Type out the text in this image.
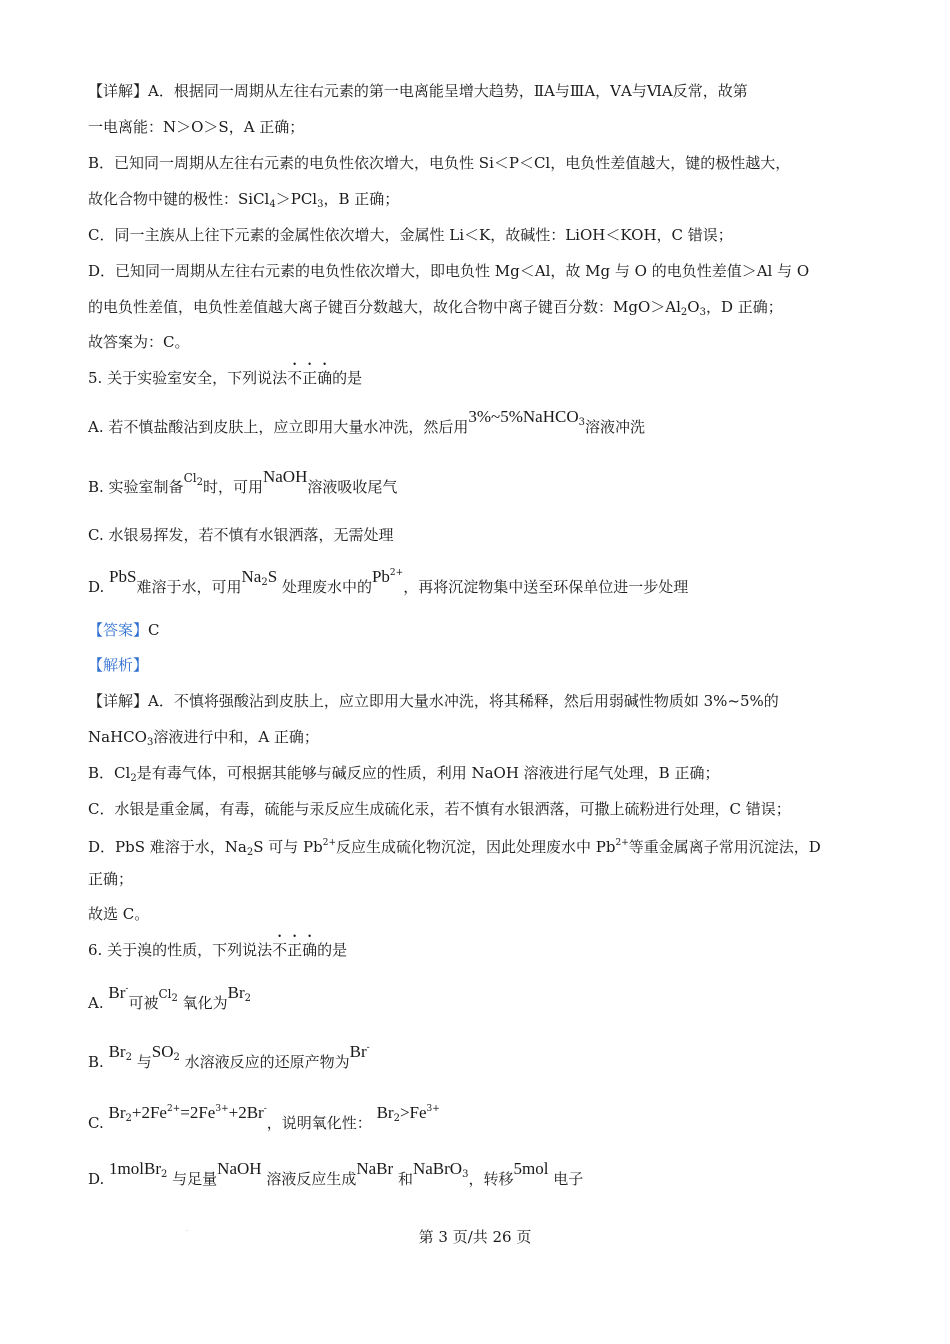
【详解】A．根据同一周期从左往右元素的第一电离能呈增大趋势，ⅡA与ⅢA，ⅤA与ⅥA反常，故第
一电离能：N＞O＞S，A 正确；
B．已知同一周期从左往右元素的电负性依次增大，电负性 Si＜P＜Cl，电负性差值越大，键的极性越大，
故化合物中键的极性：SiCl$_4$＞PCl$_3$，B 正确；
C．同一主族从上往下元素的金属性依次增大，金属性 Li＜K，故碱性：LiOH＜KOH，C 错误；
D．已知同一周期从左往右元素的电负性依次增大，即电负性 Mg＜Al，故 Mg 与 O 的电负性差值＞Al 与 O
的电负性差值，电负性差值越大离子键百分数越大，故化合物中离子键百分数：$MgO>Al_2O_3$，D 正确；
故答案为：C。
5. 关于实验室安全，下列说法不正确的是
A. 若不慎盐酸沾到皮肤上，应立即用大量水冲洗，然后用3%~5%NaHCO$_3$溶液冲洗
B. 实验室制备$^{Cl_2}$时，可用NaOH溶液吸收尾气
C. 水银易挥发，若不慎有水银洒落，无需处理
D. PbS难溶于水，可用$Na_2S$ 处理废水中的$Pb^{2+}$，再将沉淀物集中送至环保单位进一步处理
【答案】C
【解析】
【详解】A．不慎将强酸沾到皮肤上，应立即用大量水冲洗，将其稀释，然后用弱碱性物质如 3%~5%的
NaHCO$_3$溶液进行中和，A 正确；
B．$Cl_2$是有毒气体，可根据其能够与碱反应的性质，利用 NaOH 溶液进行尾气处理，B 正确；
C．水银是重金属，有毒，硫能与汞反应生成硫化汞，若不慎有水银洒落，可撒上硫粉进行处理，C 错误；
D．PbS 难溶于水，$Na_2S$ 可与 $Pb^{2+}$反应生成硫化物沉淀，因此处理废水中 $Pb^{2+}$等重金属离子常用沉淀法，D
正确；
故选 C。
6. 关于溴的性质，下列说法不正确的是
A. Br-可被$^{Cl_2}$ 氧化为$Br_2$
B. $Br_2$ 与$SO_2$ 水溶液反应的还原产物为Br-
C. $Br_2+2Fe^{2+}=2Fe^{3+}+2Br^-$，说明氧化性： $Br_2>Fe^{3+}$
D. 1molBr$_2$ 与足量NaOH 溶液反应生成NaBr 和NaBrO$_3$，转移5mol 电子
.	第 3 页/共 26 页
